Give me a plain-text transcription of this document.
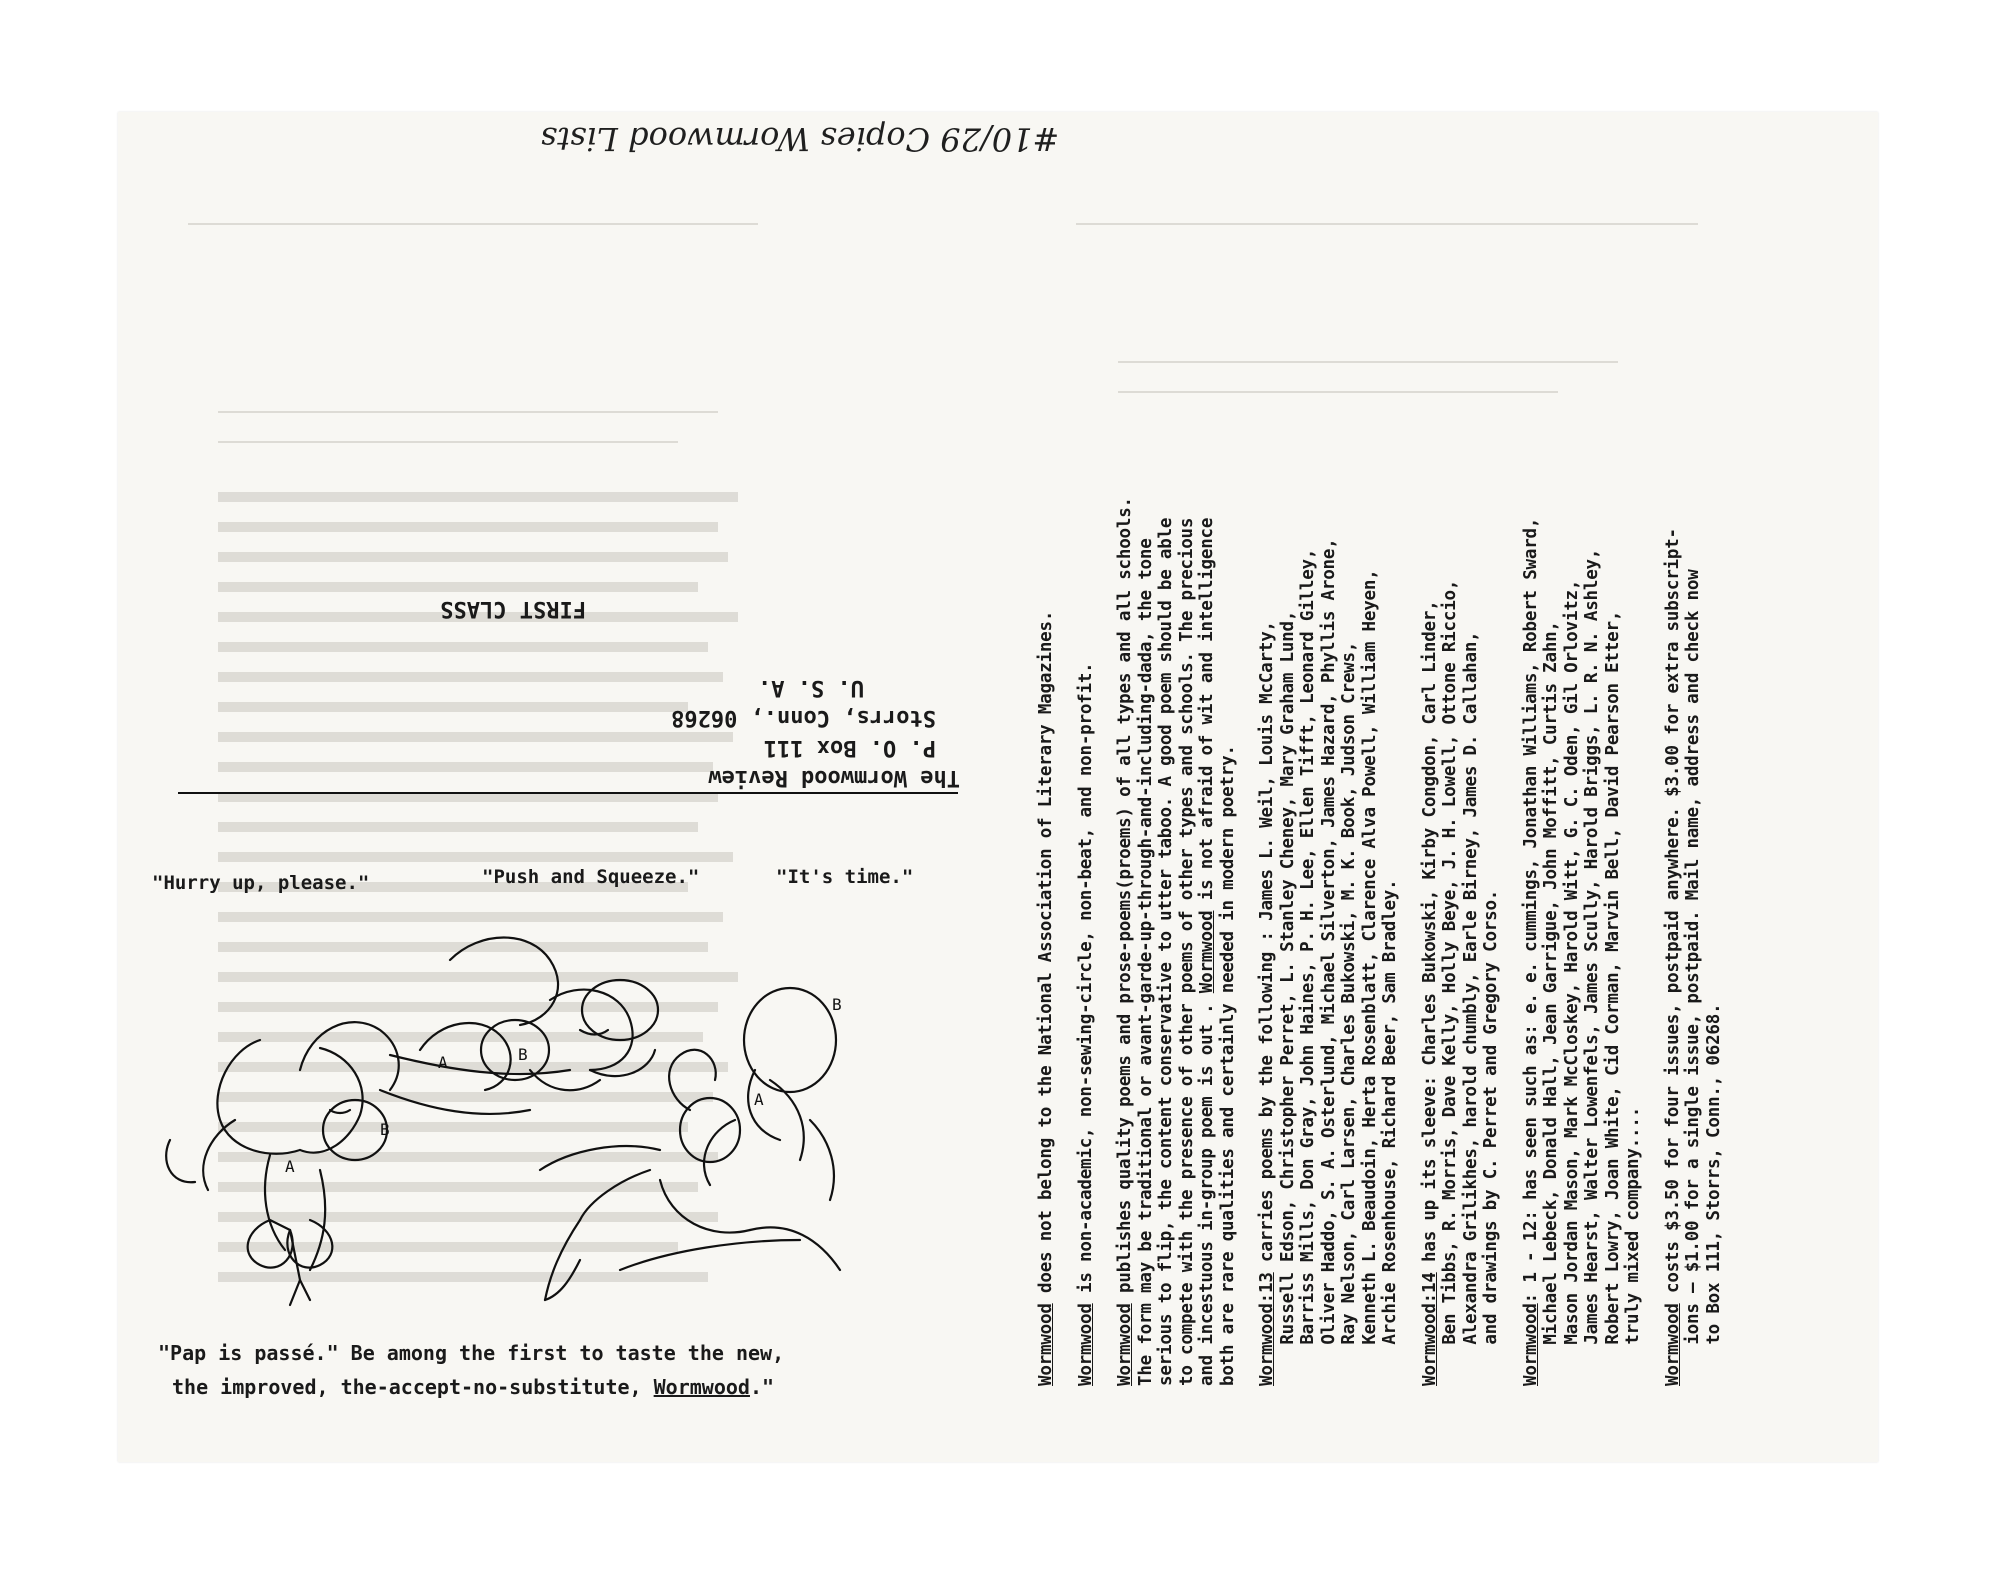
#10/29 Copies Wormwood Lists
The Wormwood Review
P. O. Box 111
Storrs, Conn., 06268
U. S. A.
FIRST CLASS
"Hurry up, please."	"Push and Squeeze."	"It's time."
A
B
A	B
A
B
"Pap is passé." Be among the first to taste the new,
the improved, the-accept-no-substitute, Wormwood."

Wormwood does not belong to the National Association of Literary Magazines.

Wormwood is non-academic, non-sewing-circle, non-beat, and non-profit.

Wormwood publishes quality poems and prose-poems(proems) of all types and all schools.
The form may be traditional or avant-garde-up-through-and-including-dada, the tone
serious to flip, the content conservative to utter taboo. A good poem should be able
to compete with the presence of other poems of other types and schools. The precious
and incestuous in-group poem is out . Wormwood is not afraid of wit and intelligence
both are rare qualities and certainly needed in modern poetry. Wormwood:13 carries poems by the following : James L. Weil, Louis McCarty,
Russell Edson, Christopher Perret, L. Stanley Cheney, Mary Graham Lund,
Barriss Mills, Don Gray, John Haines, P. H. Lee, Ellen Tifft, Leonard Gilley,
Oliver Haddo, S. A. Osterlund, Michael Silverton, James Hazard, Phyllis Arone,
Ray Nelson, Carl Larsen, Charles Bukowski, M. K. Book, Judson Crews,
Kenneth L. Beaudoin, Herta Rosenblatt, Clarence Alva Powell, William Heyen,
Archie Rosenhouse, Richard Beer, Sam Bradley. Wormwood:14 has up its sleeve: Charles Bukowski, Kirby Congdon, Carl Linder,
Ben Tibbs, R. Morris, Dave Kelly, Holly Beye, J. H. Lowell, Ottone Riccio,
Alexandra Grilikhes, harold chumbly, Earle Birney, James D. Callahan,
and drawings by C. Perret and Gregory Corso. Wormwood: 1 - 12: has seen such as: e. e. cummings, Jonathan Williams, Robert Sward,
Michael Lebeck, Donald Hall, Jean Garrigue, John Moffitt, Curtis Zahn,
Mason Jordan Mason, Mark McCloskey, Harold Witt, G. C. Oden, Gil Orlovitz,
James Hearst, Walter Lowenfels, James Scully, Harold Briggs, L. R. N. Ashley,
Robert Lowry, Joan White, Cid Corman, Marvin Bell, David Pearson Etter,
truly mixed company.... Wormwood costs $3.50 for four issues, postpaid anywhere. $3.00 for extra subscript-
ions — $1.00 for a single issue, postpaid. Mail name, address and check now
to Box 111, Storrs, Conn., 06268.
